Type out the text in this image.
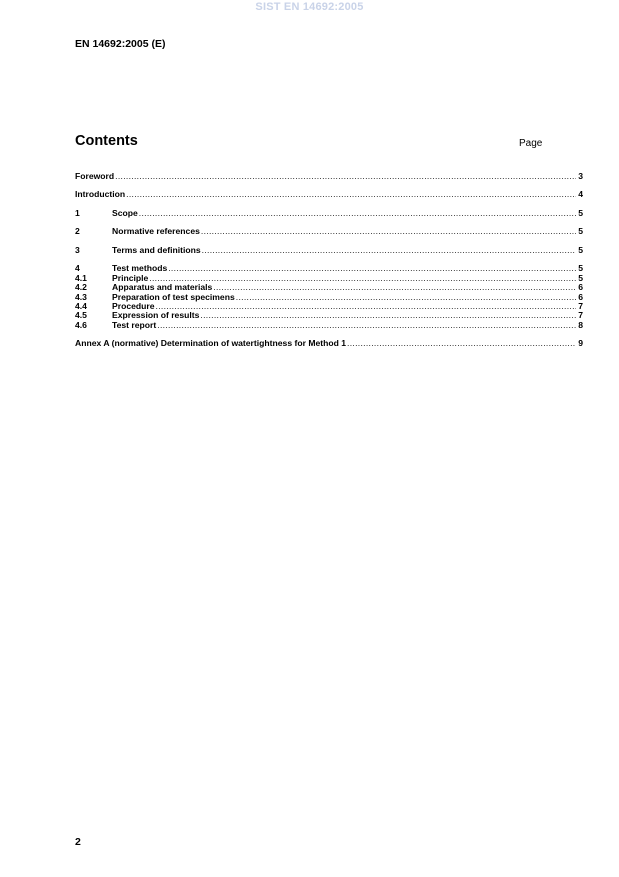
SIST EN 14692:2005
EN 14692:2005 (E)
Contents	Page
Foreword .....	3
Introduction .....	4
1	Scope .....	5
2	Normative references .....	5
3	Terms and definitions .....	5
4	Test methods .....	5
4.1	Principle .....	5
4.2	Apparatus and materials .....	6
4.3	Preparation of test specimens .....	6
4.4	Procedure .....	7
4.5	Expression of results .....	7
4.6	Test report .....	8
Annex A (normative) Determination of watertightness for Method 1 .....	9
2
